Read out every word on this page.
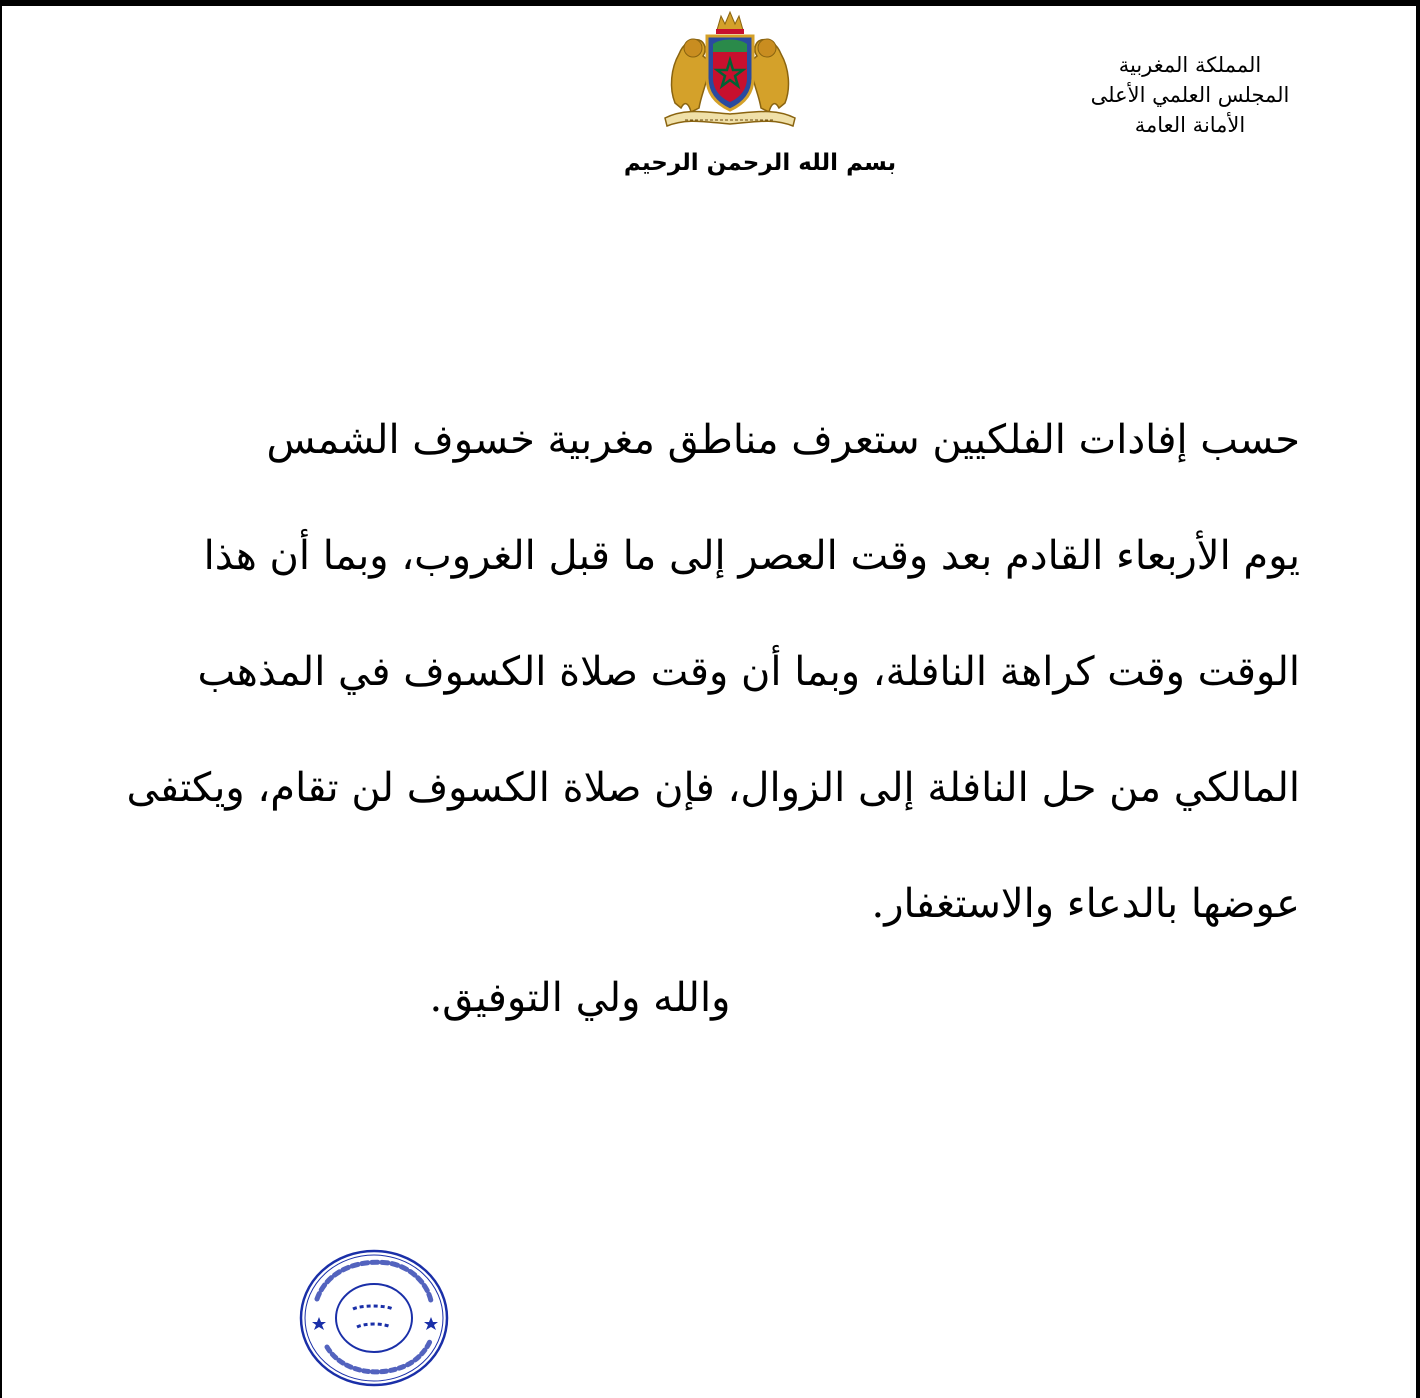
المملكة المغربية
المجلس العلمي الأعلى
الأمانة العامة
بسم الله الرحمن الرحيم
حسب إفادات الفلكيين ستعرف مناطق مغربية خسوف الشمس
يوم الأربعاء القادم بعد وقت العصر إلى ما قبل الغروب، وبما أن هذا
الوقت وقت كراهة النافلة، وبما أن وقت صلاة الكسوف في المذهب
المالكي من حل النافلة إلى الزوال، فإن صلاة الكسوف لن تقام، ويكتفى
عوضها بالدعاء والاستغفار.
والله ولي التوفيق.
